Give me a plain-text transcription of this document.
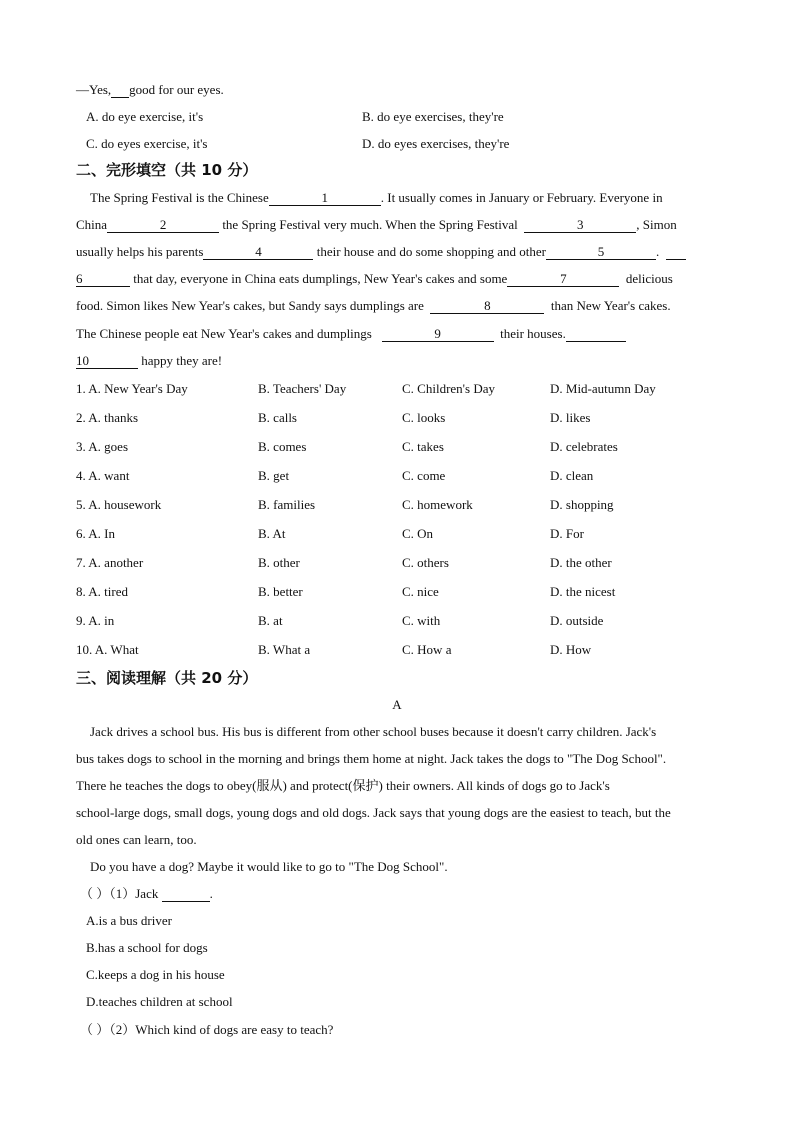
—Yes, good for our eyes.
A. do eye exercise, it's	B. do eye exercises, they're
C. do eyes exercise, it's	D. do eyes exercises, they're
二、完形填空（共 10 分）
The Spring Festival is the Chinese	1	. It usually comes in January or February. Everyone in
China	2	the Spring Festival very much. When the Spring Festival	3	, Simon
usually helps his parents	4	their house and do some shopping and other	5	.
6	that day, everyone in China eats dumplings, New Year's cakes and some	7	delicious
food. Simon likes New Year's cakes, but Sandy says dumplings are	8	than New Year's cakes.
The Chinese people eat New Year's cakes and dumplings	9	their houses.
10	happy they are!
1. A. New Year's Day	B. Teachers' Day	C. Children's Day	D. Mid-autumn Day
2. A. thanks	B. calls	C. looks	D. likes
3. A. goes	B. comes	C. takes	D. celebrates
4. A. want	B. get	C. come	D. clean
5. A. housework	B. families	C. homework	D. shopping
6. A. In	B. At	C. On	D. For
7. A. another	B. other	C. others	D. the other
8. A. tired	B. better	C. nice	D. the nicest
9. A. in	B. at	C. with	D. outside
10. A. What	B. What a	C. How a	D. How
三、阅读理解（共 20 分）
A
Jack drives a school bus. His bus is different from other school buses because it doesn't carry children. Jack's
bus takes dogs to school in the morning and brings them home at night. Jack takes the dogs to "The Dog School".
There he teaches the dogs to obey(服从) and protect(保护) their owners. All kinds of dogs go to Jack's
school-large dogs, small dogs, young dogs and old dogs. Jack says that young dogs are the easiest to teach, but the
old ones can learn, too.
Do you have a dog? Maybe it would like to go to "The Dog School".
（ ）（1）Jack	.
A.is a bus driver
B.has a school for dogs
C.keeps a dog in his house
D.teaches children at school
（ ）（2）Which kind of dogs are easy to teach?
